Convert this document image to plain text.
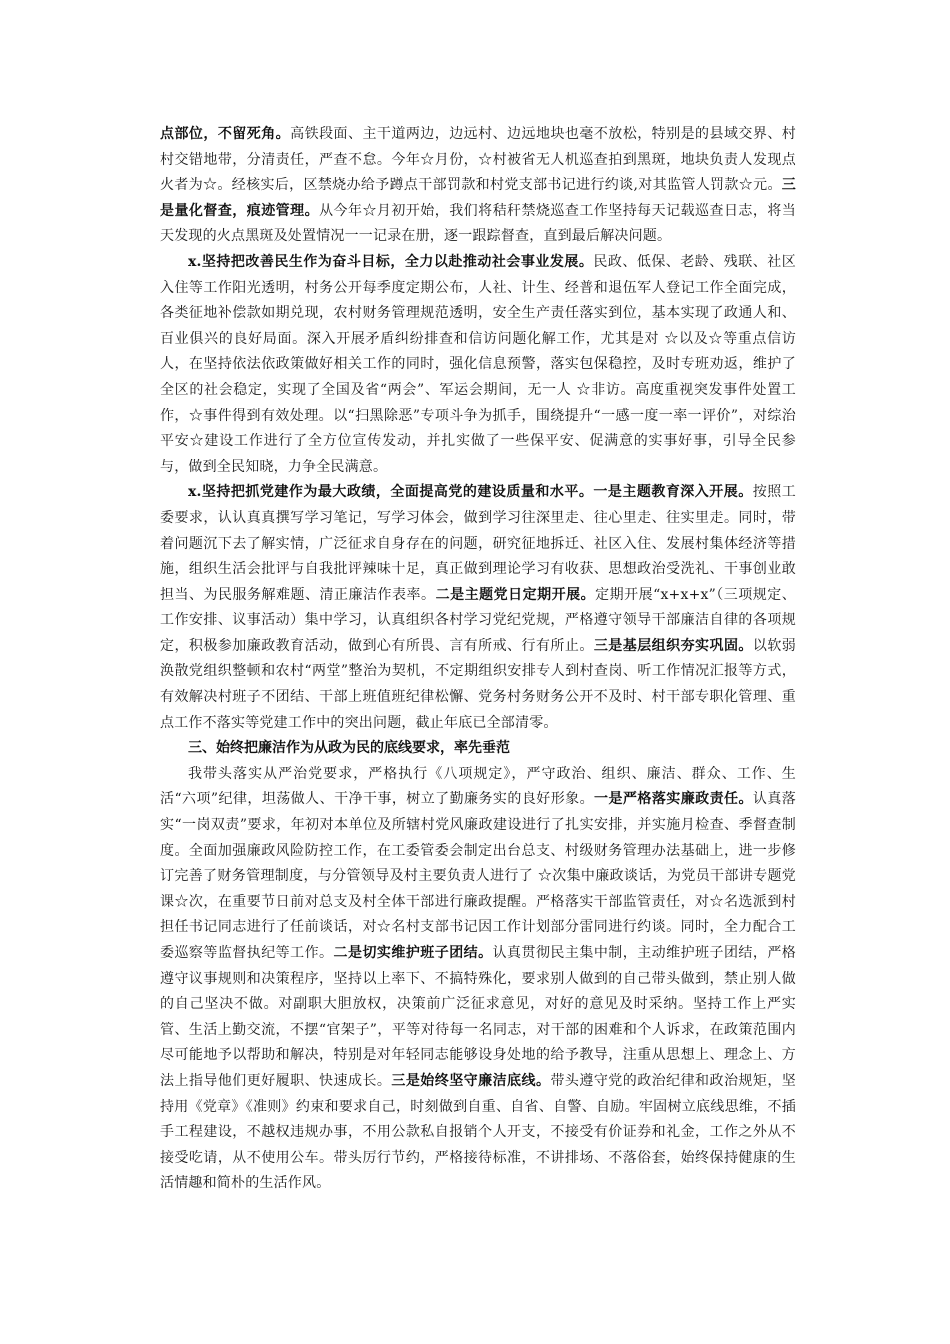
点部位，不留死角。高铁段面、主干道两边，边远村、边远地块也毫不放松，特别是的县域交界、村村交错地带，分清责任，严查不怠。今年☆月份，☆村被省无人机巡查拍到黑斑，地块负责人发现点火者为☆。经核实后，区禁烧办给予蹲点干部罚款和村党支部书记进行约谈,对其监管人罚款☆元。三是量化督查，痕迹管理。从今年☆月初开始，我们将秸秆禁烧巡查工作坚持每天记载巡查日志，将当天发现的火点黑斑及处置情况一一记录在册，逐一跟踪督查，直到最后解决问题。

x.坚持把改善民生作为奋斗目标，全力以赴推动社会事业发展。民政、低保、老龄、残联、社区入住等工作阳光透明，村务公开每季度定期公布，人社、计生、经普和退伍军人登记工作全面完成，各类征地补偿款如期兑现，农村财务管理规范透明，安全生产责任落实到位，基本实现了政通人和、百业俱兴的良好局面。深入开展矛盾纠纷排查和信访问题化解工作，尤其是对 ☆以及☆等重点信访人，在坚持依法依政策做好相关工作的同时，强化信息预警，落实包保稳控，及时专班劝返，维护了全区的社会稳定，实现了全国及省“两会”、军运会期间，无一人 ☆非访。高度重视突发事件处置工作，☆事件得到有效处理。以“扫黑除恶”专项斗争为抓手，围绕提升“一感一度一率一评价”，对综治平安☆建设工作进行了全方位宣传发动，并扎实做了一些保平安、促满意的实事好事，引导全民参与，做到全民知晓，力争全民满意。

x.坚持把抓党建作为最大政绩，全面提高党的建设质量和水平。一是主题教育深入开展。按照工委要求，认认真真撰写学习笔记，写学习体会，做到学习往深里走、往心里走、往实里走。同时，带着问题沉下去了解实情，广泛征求自身存在的问题，研究征地拆迁、社区入住、发展村集体经济等措施，组织生活会批评与自我批评辣味十足，真正做到理论学习有收获、思想政治受洗礼、干事创业敢担当、为民服务解难题、清正廉洁作表率。二是主题党日定期开展。定期开展“x+x+x”（三项规定、工作安排、议事活动）集中学习，认真组织各村学习党纪党规，严格遵守领导干部廉洁自律的各项规定，积极参加廉政教育活动，做到心有所畏、言有所戒、行有所止。三是基层组织夯实巩固。以软弱涣散党组织整顿和农村“两堂”整治为契机，不定期组织安排专人到村查岗、听工作情况汇报等方式，有效解决村班子不团结、干部上班值班纪律松懈、党务村务财务公开不及时、村干部专职化管理、重点工作不落实等党建工作中的突出问题，截止年底已全部清零。

三、始终把廉洁作为从政为民的底线要求，率先垂范

我带头落实从严治党要求，严格执行《八项规定》，严守政治、组织、廉洁、群众、工作、生活“六项”纪律，坦荡做人、干净干事，树立了勤廉务实的良好形象。一是严格落实廉政责任。认真落实“一岗双责”要求，年初对本单位及所辖村党风廉政建设进行了扎实安排，并实施月检查、季督查制度。全面加强廉政风险防控工作，在工委管委会制定出台总支、村级财务管理办法基础上，进一步修订完善了财务管理制度，与分管领导及村主要负责人进行了 ☆次集中廉政谈话，为党员干部讲专题党课☆次，在重要节日前对总支及村全体干部进行廉政提醒。严格落实干部监管责任，对☆名选派到村担任书记同志进行了任前谈话，对☆名村支部书记因工作计划部分雷同进行约谈。同时，全力配合工委巡察等监督执纪等工作。二是切实维护班子团结。认真贯彻民主集中制，主动维护班子团结，严格遵守议事规则和决策程序，坚持以上率下、不搞特殊化，要求别人做到的自己带头做到，禁止别人做的自己坚决不做。对副职大胆放权，决策前广泛征求意见，对好的意见及时采纳。坚持工作上严实管、生活上勤交流，不摆“官架子”，平等对待每一名同志，对干部的困难和个人诉求，在政策范围内尽可能地予以帮助和解决，特别是对年轻同志能够设身处地的给予教导，注重从思想上、理念上、方法上指导他们更好履职、快速成长。三是始终坚守廉洁底线。带头遵守党的政治纪律和政治规矩，坚持用《党章》《准则》约束和要求自己，时刻做到自重、自省、自警、自励。牢固树立底线思维，不插手工程建设，不越权违规办事，不用公款私自报销个人开支，不接受有价证券和礼金，工作之外从不接受吃请，从不使用公车。带头厉行节约，严格接待标准，不讲排场、不落俗套，始终保持健康的生活情趣和简朴的生活作风。
